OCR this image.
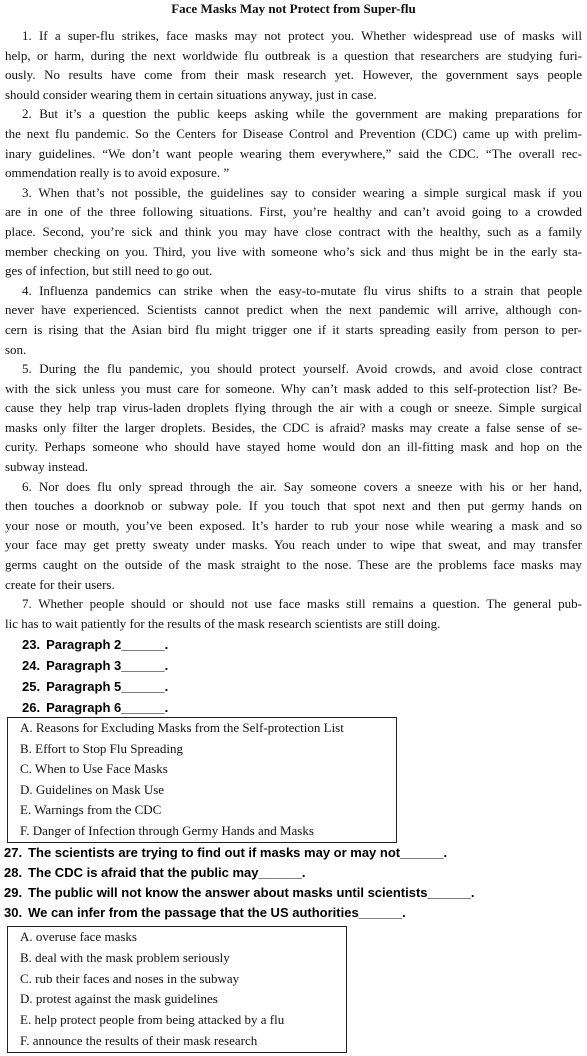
Face Masks May not Protect from Super-flu
1. If a super-flu strikes, face masks may not protect you. Whether widespread use of masks will
help, or harm, during the next worldwide flu outbreak is a question that researchers are studying furi-
ously. No results have come from their mask research yet. However, the government says people
should consider wearing them in certain situations anyway, just in case.
2. But it’s a question the public keeps asking while the government are making preparations for
the next flu pandemic. So the Centers for Disease Control and Prevention (CDC) came up with prelim-
inary guidelines. “We don’t want people wearing them everywhere,” said the CDC. “The overall rec-
ommendation really is to avoid exposure. ”
3. When that’s not possible, the guidelines say to consider wearing a simple surgical mask if you
are in one of the three following situations. First, you’re healthy and can’t avoid going to a crowded
place. Second, you’re sick and think you may have close contract with the healthy, such as a family
member checking on you. Third, you live with someone who’s sick and thus might be in the early sta-
ges of infection, but still need to go out.
4. Influenza pandemics can strike when the easy-to-mutate flu virus shifts to a strain that people
never have experienced. Scientists cannot predict when the next pandemic will arrive, although con-
cern is rising that the Asian bird flu might trigger one if it starts spreading easily from person to per-
son.
5. During the flu pandemic, you should protect yourself. Avoid crowds, and avoid close contract
with the sick unless you must care for someone. Why can’t mask added to this self-protection list? Be-
cause they help trap virus-laden droplets flying through the air with a cough or sneeze. Simple surgical
masks only filter the larger droplets. Besides, the CDC is afraid? masks may create a false sense of se-
curity. Perhaps someone who should have stayed home would don an ill-fitting mask and hop on the
subway instead.
6. Nor does flu only spread through the air. Say someone covers a sneeze with his or her hand,
then touches a doorknob or subway pole. If you touch that spot next and then put germy hands on
your nose or mouth, you’ve been exposed. It’s harder to rub your nose while wearing a mask and so
your face may get pretty sweaty under masks. You reach under to wipe that sweat, and may transfer
germs caught on the outside of the mask straight to the nose. These are the problems face masks may
create for their users.
7. Whether people should or should not use face masks still remains a question. The general pub-
lic has to wait patiently for the results of the mask research scientists are still doing.
23. Paragraph 2______.
24. Paragraph 3______.
25. Paragraph 5______.
26. Paragraph 6______.
A. Reasons for Excluding Masks from the Self-protection List
B. Effort to Stop Flu Spreading
C. When to Use Face Masks
D. Guidelines on Mask Use
E. Warnings from the CDC
F. Danger of Infection through Germy Hands and Masks
27. The scientists are trying to find out if masks may or may not______.
28. The CDC is afraid that the public may______.
29. The public will not know the answer about masks until scientists______.
30. We can infer from the passage that the US authorities______.
A. overuse face masks
B. deal with the mask problem seriously
C. rub their faces and noses in the subway
D. protest against the mask guidelines
E. help protect people from being attacked by a flu
F. announce the results of their mask research
